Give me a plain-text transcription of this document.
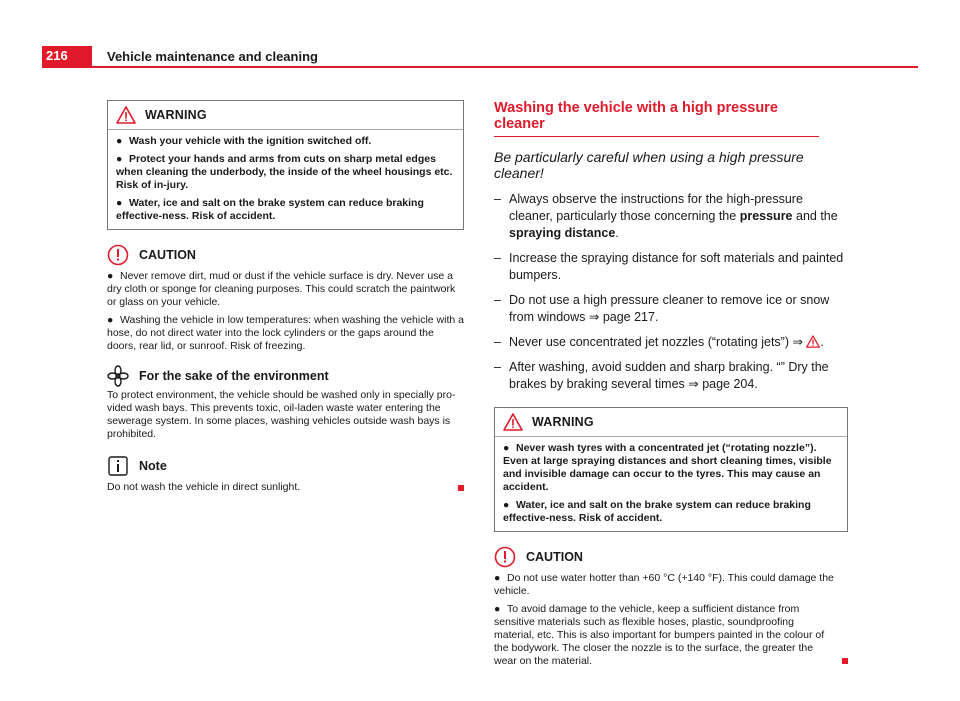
216	Vehicle maintenance and cleaning
WARNING

● Wash your vehicle with the ignition switched off.

● Protect your hands and arms from cuts on sharp metal edges when cleaning the underbody, the inside of the wheel housings etc. Risk of in-jury.

● Water, ice and salt on the brake system can reduce braking effective-ness. Risk of accident.

CAUTION

● Never remove dirt, mud or dust if the vehicle surface is dry. Never use a dry cloth or sponge for cleaning purposes. This could scratch the paintwork or glass on your vehicle.

● Washing the vehicle in low temperatures: when washing the vehicle with a hose, do not direct water into the lock cylinders or the gaps around the doors, rear lid, or sunroof. Risk of freezing.

For the sake of the environment
To protect environment, the vehicle should be washed only in specially pro-vided wash bays. This prevents toxic, oil-laden waste water entering the sewerage system. In some places, washing vehicles outside wash bays is prohibited.
Note
Do not wash the vehicle in direct sunlight.
Washing the vehicle with a high pressure cleaner
Be particularly careful when using a high pressure cleaner!
– Always observe the instructions for the high-pressure cleaner, particularly those concerning the pressure and the spraying distance.
– Increase the spraying distance for soft materials and painted bumpers.
– Do not use a high pressure cleaner to remove ice or snow from windows ⇒ page 217.
– Never use concentrated jet nozzles (“rotating jets”) ⇒ .
– After washing, avoid sudden and sharp braking. “” Dry the brakes by braking several times ⇒ page 204.
WARNING

● Never wash tyres with a concentrated jet (“rotating nozzle”). Even at large spraying distances and short cleaning times, visible and invisible damage can occur to the tyres. This may cause an accident.

● Water, ice and salt on the brake system can reduce braking effective-ness. Risk of accident.

CAUTION

● Do not use water hotter than +60 °C (+140 °F). This could damage the vehicle.

● To avoid damage to the vehicle, keep a sufficient distance from sensitive materials such as flexible hoses, plastic, soundproofing material, etc. This is also important for bumpers painted in the colour of the bodywork. The closer the nozzle is to the surface, the greater the wear on the material.
